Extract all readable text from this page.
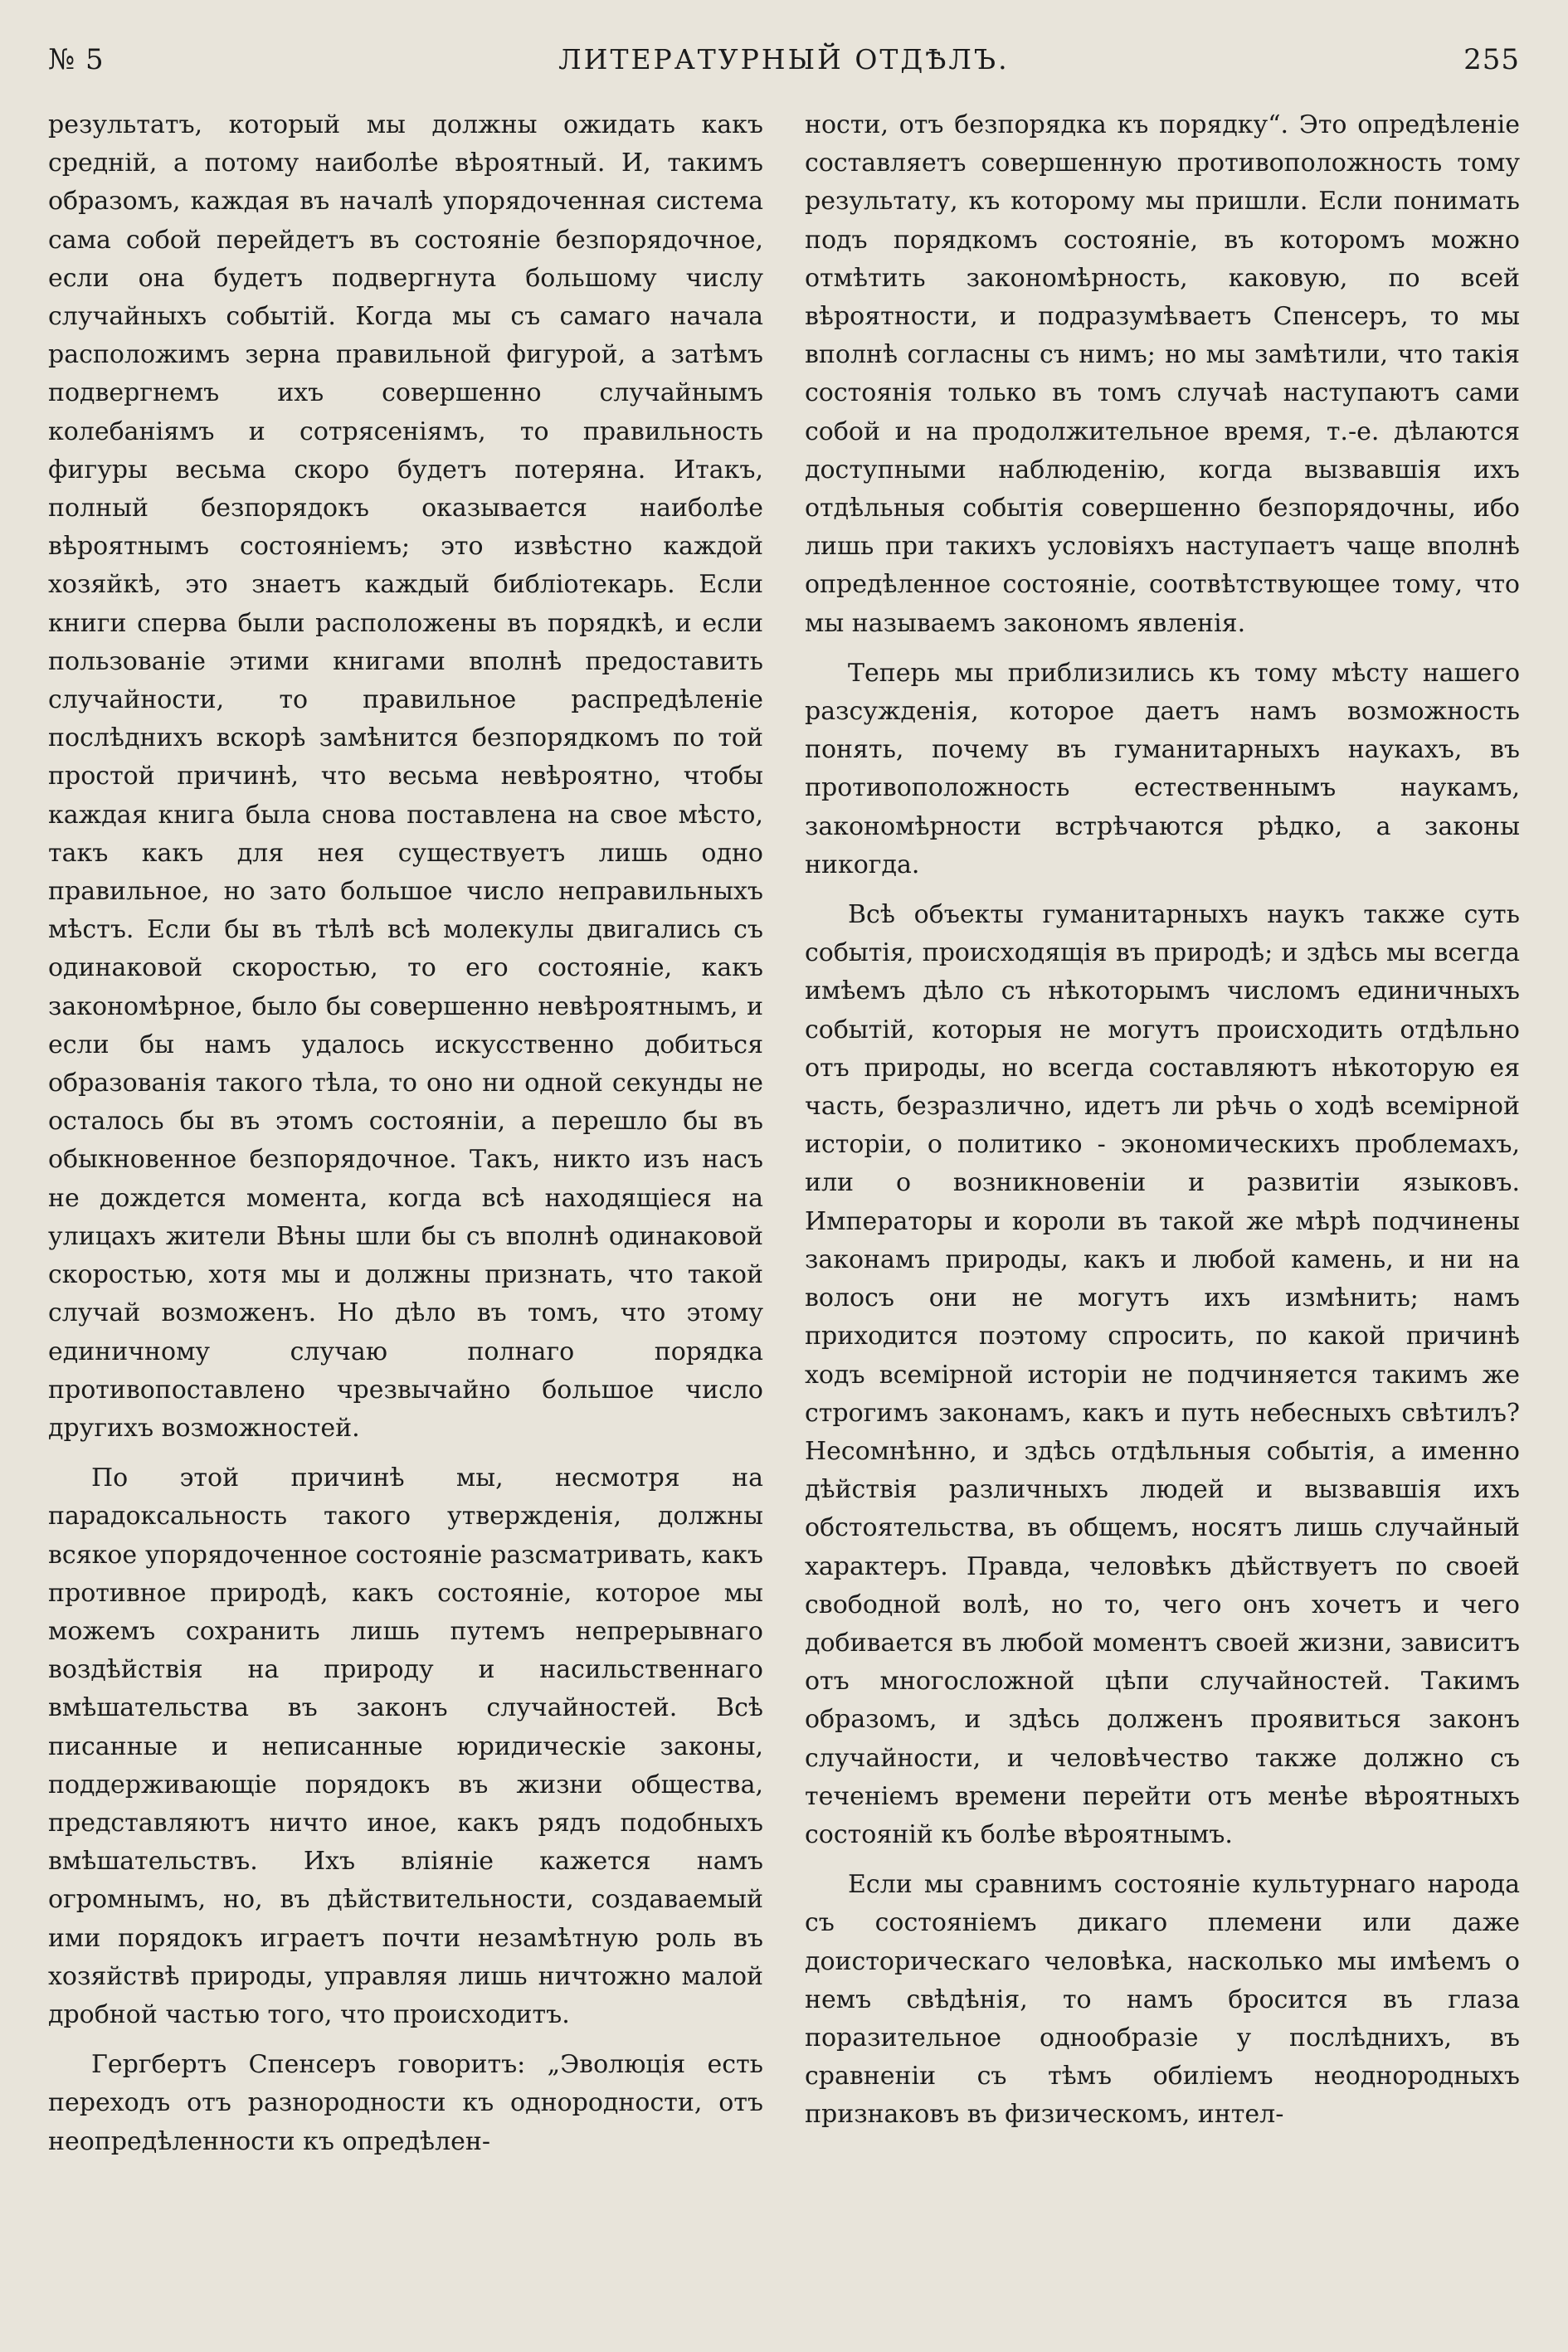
№ 5	ЛИТЕРАТУРНЫЙ ОТДѢЛЪ.	255

результатъ, который мы должны ожидать какъ средній, а потому наиболѣе вѣроятный. И, такимъ образомъ, каждая въ началѣ упорядоченная система сама собой перейдетъ въ состояніе безпорядочное, если она будетъ подвергнута большому числу случайныхъ событій. Когда мы съ самаго начала расположимъ зерна правильной фигурой, а затѣмъ подвергнемъ ихъ совершенно случайнымъ колебаніямъ и сотрясеніямъ, то правильность фигуры весьма скоро будетъ потеряна. Итакъ, полный безпорядокъ оказывается наиболѣе вѣроятнымъ состояніемъ; это извѣстно каждой хозяйкѣ, это знаетъ каждый библіотекарь. Если книги сперва были расположены въ порядкѣ, и если пользованіе этими книгами вполнѣ предоставить случайности, то правильное распредѣленіе послѣднихъ вскорѣ замѣнится безпорядкомъ по той простой причинѣ, что весьма невѣроятно, чтобы каждая книга была снова поставлена на свое мѣсто, такъ какъ для нея существуетъ лишь одно правильное, но зато большое число неправильныхъ мѣстъ. Если бы въ тѣлѣ всѣ молекулы двигались съ одинаковой скоростью, то его состояніе, какъ закономѣрное, было бы совершенно невѣроятнымъ, и если бы намъ удалось искусственно добиться образованія такого тѣла, то оно ни одной секунды не осталось бы въ этомъ состояніи, а перешло бы въ обыкновенное безпорядочное. Такъ, никто изъ насъ не дождется момента, когда всѣ находящіеся на улицахъ жители Вѣны шли бы съ вполнѣ одинаковой скоростью, хотя мы и должны признать, что такой случай возможенъ. Но дѣло въ томъ, что этому единичному случаю полнаго порядка противопоставлено чрезвычайно большое число другихъ возможностей.

По этой причинѣ мы, несмотря на парадоксальность такого утвержденія, должны всякое упорядоченное состояніе разсматривать, какъ противное природѣ, какъ состояніе, которое мы можемъ сохранить лишь путемъ непрерывнаго воздѣйствія на природу и насильственнаго вмѣшательства въ законъ случайностей. Всѣ писанные и неписанные юридическіе законы, поддерживающіе порядокъ въ жизни общества, представляютъ ничто иное, какъ рядъ подобныхъ вмѣшательствъ. Ихъ вліяніе кажется намъ огромнымъ, но, въ дѣйствительности, создаваемый ими порядокъ играетъ почти незамѣтную роль въ хозяйствѣ природы, управляя лишь ничтожно малой дробной частью того, что происходитъ.

Гергбертъ Спенсеръ говоритъ: „Эволюція есть переходъ отъ разнородности къ однородности, отъ неопредѣленности къ опредѣлен-

ности, отъ безпорядка къ порядку“. Это опредѣленіе составляетъ совершенную противоположность тому результату, къ которому мы пришли. Если понимать подъ порядкомъ состояніе, въ которомъ можно отмѣтить закономѣрность, каковую, по всей вѣроятности, и подразумѣваетъ Спенсеръ, то мы вполнѣ согласны съ нимъ; но мы замѣтили, что такія состоянія только въ томъ случаѣ наступаютъ сами собой и на продолжительное время, т.-е. дѣлаются доступными наблюденію, когда вызвавшія ихъ отдѣльныя событія совершенно безпорядочны, ибо лишь при такихъ условіяхъ наступаетъ чаще вполнѣ опредѣленное состояніе, соотвѣтствующее тому, что мы называемъ закономъ явленія.

Теперь мы приблизились къ тому мѣсту нашего разсужденія, которое даетъ намъ возможность понять, почему въ гуманитарныхъ наукахъ, въ противоположность естественнымъ наукамъ, закономѣрности встрѣчаются рѣдко, а законы никогда.

Всѣ объекты гуманитарныхъ наукъ также суть событія, происходящія въ природѣ; и здѣсь мы всегда имѣемъ дѣло съ нѣкоторымъ числомъ единичныхъ событій, которыя не могутъ происходить отдѣльно отъ природы, но всегда составляютъ нѣкоторую ея часть, безразлично, идетъ ли рѣчь о ходѣ всемірной исторіи, о политико - экономическихъ проблемахъ, или о возникновеніи и развитіи языковъ. Императоры и короли въ такой же мѣрѣ подчинены законамъ природы, какъ и любой камень, и ни на волосъ они не могутъ ихъ измѣнить; намъ приходится поэтому спросить, по какой причинѣ ходъ всемірной исторіи не подчиняется такимъ же строгимъ законамъ, какъ и путь небесныхъ свѣтилъ? Несомнѣнно, и здѣсь отдѣльныя событія, а именно дѣйствія различныхъ людей и вызвавшія ихъ обстоятельства, въ общемъ, носятъ лишь случайный характеръ. Правда, человѣкъ дѣйствуетъ по своей свободной волѣ, но то, чего онъ хочетъ и чего добивается въ любой моментъ своей жизни, зависитъ отъ многосложной цѣпи случайностей. Такимъ образомъ, и здѣсь долженъ проявиться законъ случайности, и человѣчество также должно съ теченіемъ времени перейти отъ менѣе вѣроятныхъ состояній къ болѣе вѣроятнымъ.

Если мы сравнимъ состояніе культурнаго народа съ состояніемъ дикаго племени или даже доисторическаго человѣка, насколько мы имѣемъ о немъ свѣдѣнія, то намъ бросится въ глаза поразительное однообразіе у послѣднихъ, въ сравненіи съ тѣмъ обиліемъ неоднородныхъ признаковъ въ физическомъ, интел-
